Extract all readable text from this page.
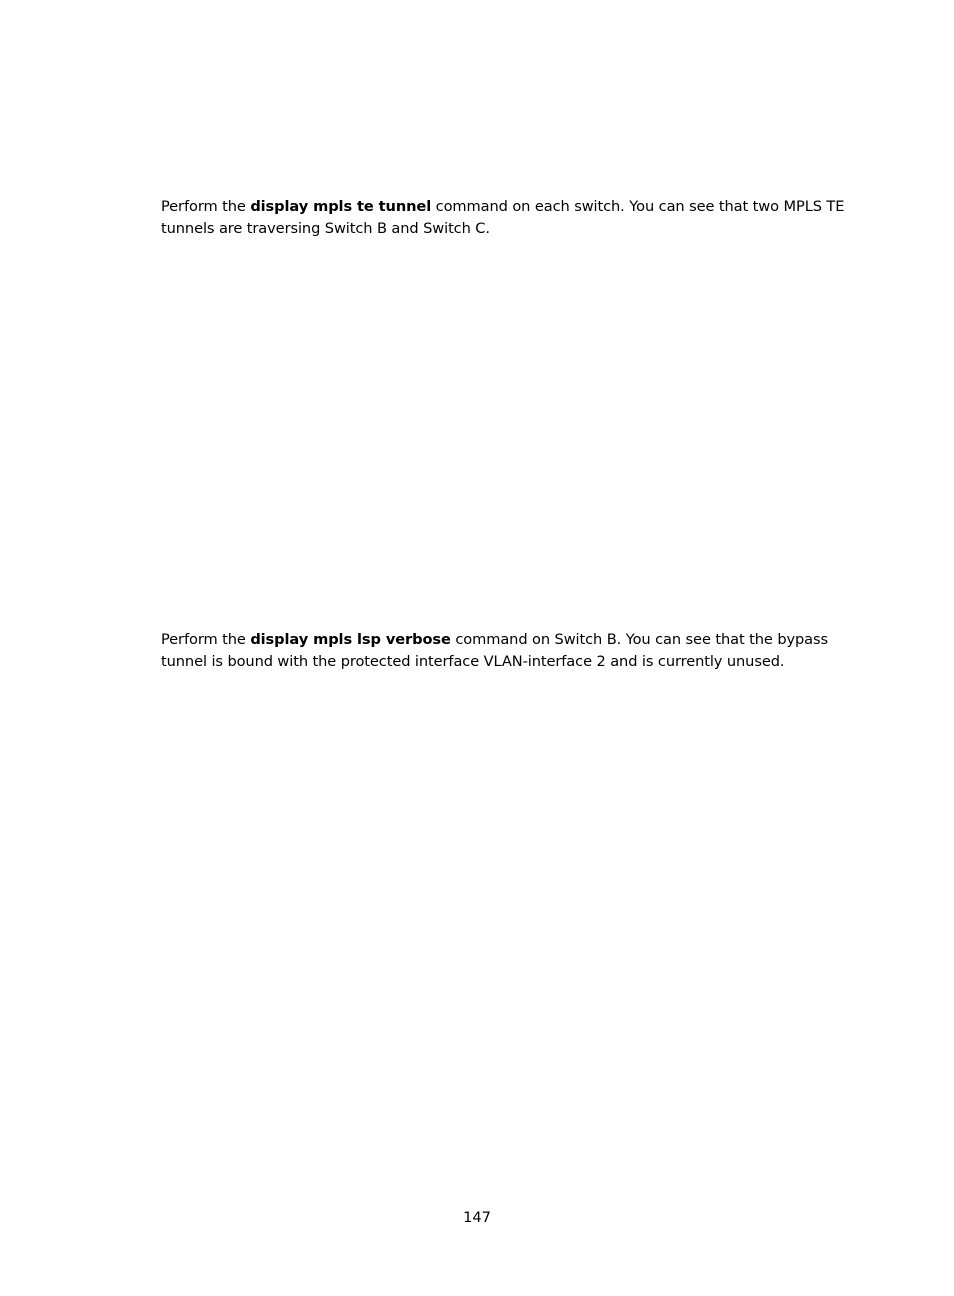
Perform the display mpls te tunnel command on each switch. You can see that two MPLS TE tunnels are traversing Switch B and Switch C.

Perform the display mpls lsp verbose command on Switch B. You can see that the bypass tunnel is bound with the protected interface VLAN-interface 2 and is currently unused.

147
